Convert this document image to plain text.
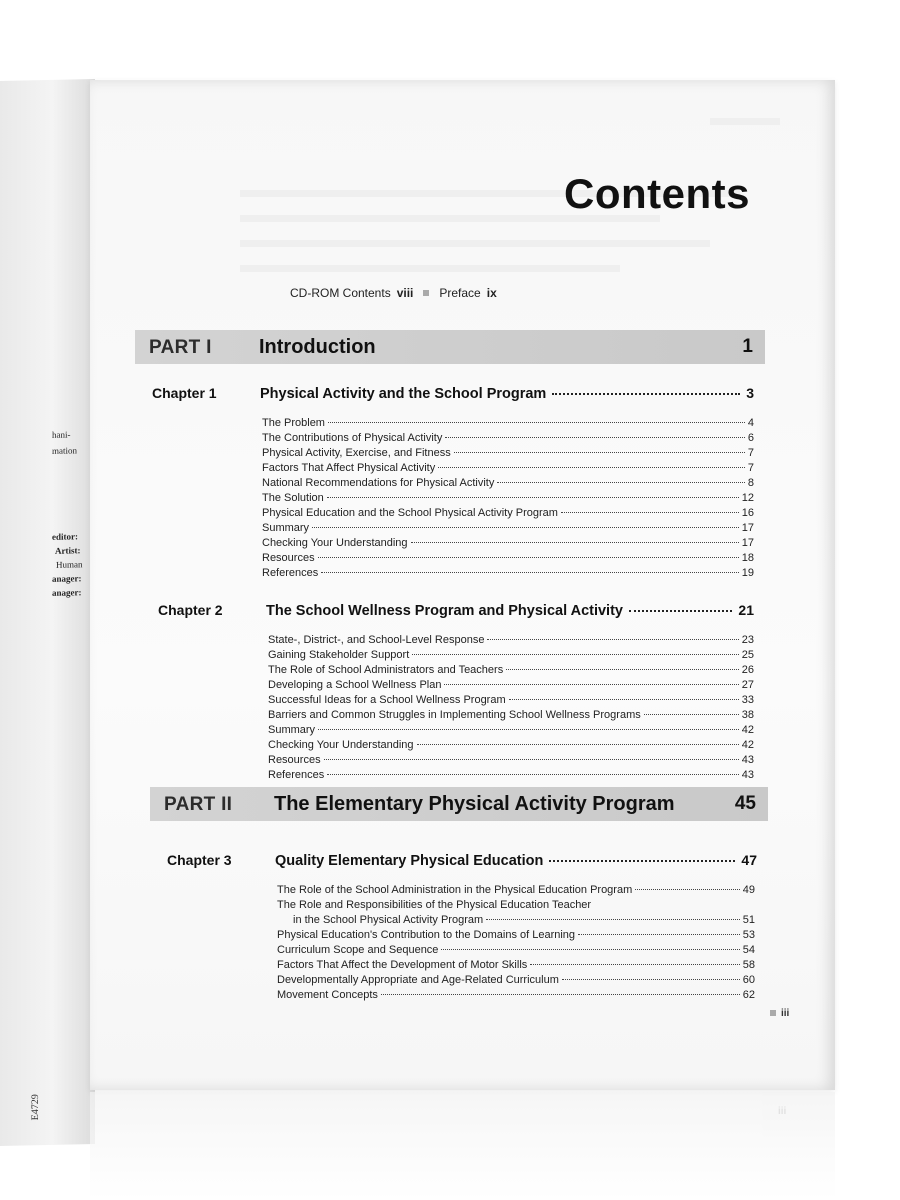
hani-
mation
editor:
Artist:
Human
anager:
anager:
E4729
Contents
CD-ROM Contents viii Preface ix
PART I Introduction	1
Chapter 1	Physical Activity and the School Program	3
The Problem	4
The Contributions of Physical Activity	6
Physical Activity, Exercise, and Fitness	7
Factors That Affect Physical Activity	7
National Recommendations for Physical Activity	8
The Solution	12
Physical Education and the School Physical Activity Program	16
Summary	17
Checking Your Understanding	17
Resources	18
References	19
Chapter 2	The School Wellness Program and Physical Activity	21
State-, District-, and School-Level Response	23
Gaining Stakeholder Support	25
The Role of School Administrators and Teachers	26
Developing a School Wellness Plan	27
Successful Ideas for a School Wellness Program	33
Barriers and Common Struggles in Implementing School Wellness Programs	38
Summary	42
Checking Your Understanding	42
Resources	43
References	43
PART II The Elementary Physical Activity Program	45
Chapter 3	Quality Elementary Physical Education	47
The Role of the School Administration in the Physical Education Program	49
The Role and Responsibilities of the Physical Education Teacher
in the School Physical Activity Program	51
Physical Education's Contribution to the Domains of Learning	53
Curriculum Scope and Sequence	54
Factors That Affect the Development of Motor Skills	58
Developmentally Appropriate and Age-Related Curriculum	60
Movement Concepts	62
iii
iii
